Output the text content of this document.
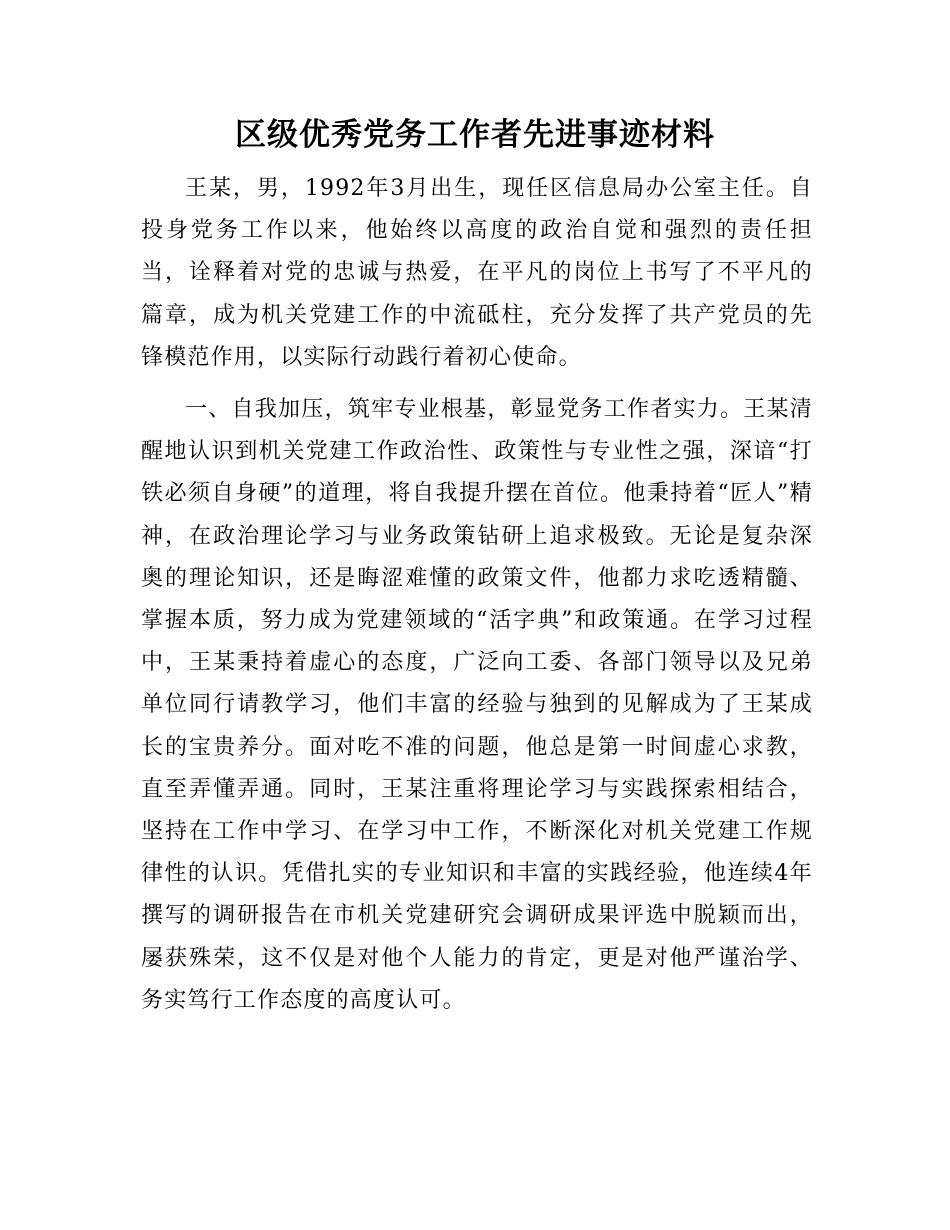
区级优秀党务工作者先进事迹材料

王某，男，1992年3月出生，现任区信息局办公室主任。自投身党务工作以来，他始终以高度的政治自觉和强烈的责任担当，诠释着对党的忠诚与热爱，在平凡的岗位上书写了不平凡的篇章，成为机关党建工作的中流砥柱，充分发挥了共产党员的先锋模范作用，以实际行动践行着初心使命。

一、自我加压，筑牢专业根基，彰显党务工作者实力。王某清醒地认识到机关党建工作政治性、政策性与专业性之强，深谙“打铁必须自身硬”的道理，将自我提升摆在首位。他秉持着“匠人”精神，在政治理论学习与业务政策钻研上追求极致。无论是复杂深奥的理论知识，还是晦涩难懂的政策文件，他都力求吃透精髓、掌握本质，努力成为党建领域的“活字典”和政策通。在学习过程中，王某秉持着虚心的态度，广泛向工委、各部门领导以及兄弟单位同行请教学习，他们丰富的经验与独到的见解成为了王某成长的宝贵养分。面对吃不准的问题，他总是第一时间虚心求教，直至弄懂弄通。同时，王某注重将理论学习与实践探索相结合，坚持在工作中学习、在学习中工作，不断深化对机关党建工作规律性的认识。凭借扎实的专业知识和丰富的实践经验，他连续4年撰写的调研报告在市机关党建研究会调研成果评选中脱颖而出，屡获殊荣，这不仅是对他个人能力的肯定，更是对他严谨治学、务实笃行工作态度的高度认可。
